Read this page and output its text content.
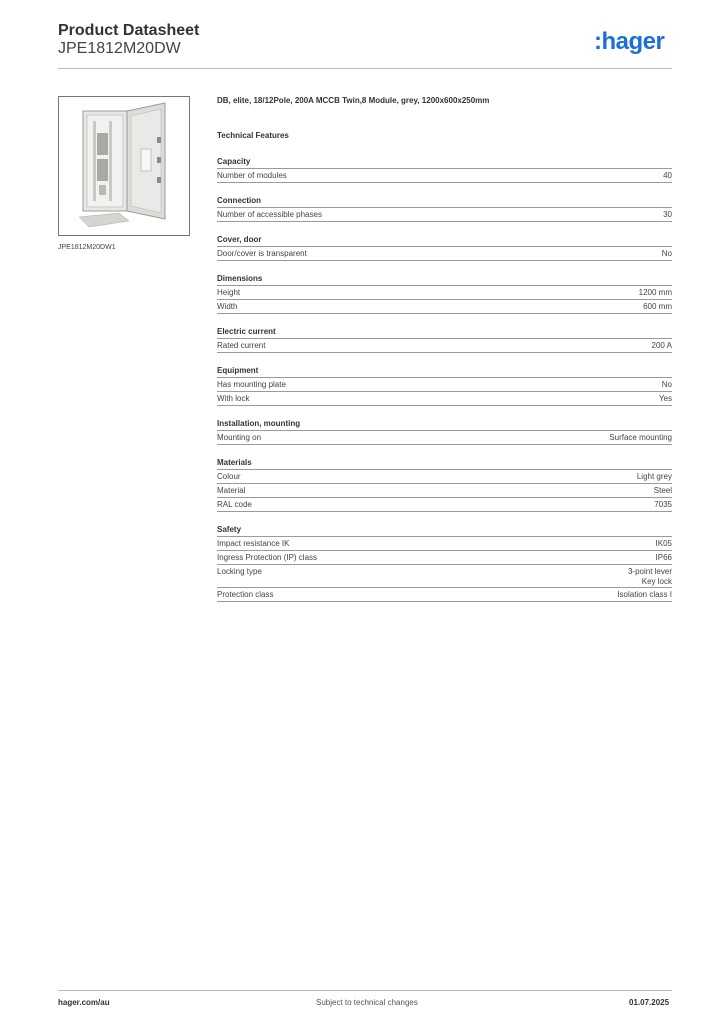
Product Datasheet
JPE1812M20DW	:hager
JPE1812M20DW1
DB, elite, 18/12Pole, 200A MCCB Twin,8 Module, grey, 1200x600x250mm
Technical Features
Capacity
Number of modules	40
Connection
Number of accessible phases	30
Cover, door
Door/cover is transparent	No
Dimensions
Height	1200 mm
Width	600 mm
Electric current
Rated current	200 A
Equipment
Has mounting plate	No
With lock	Yes
Installation, mounting
Mounting on	Surface mounting
Materials
Colour	Light grey
Material	Steel
RAL code	7035
Safety
Impact resistance IK	IK05
Ingress Protection (IP) class	IP66
Locking type	3-point lever
Key lock
Protection class	Isolation class I
hager.com/au	Subject to technical changes	01.07.2025
